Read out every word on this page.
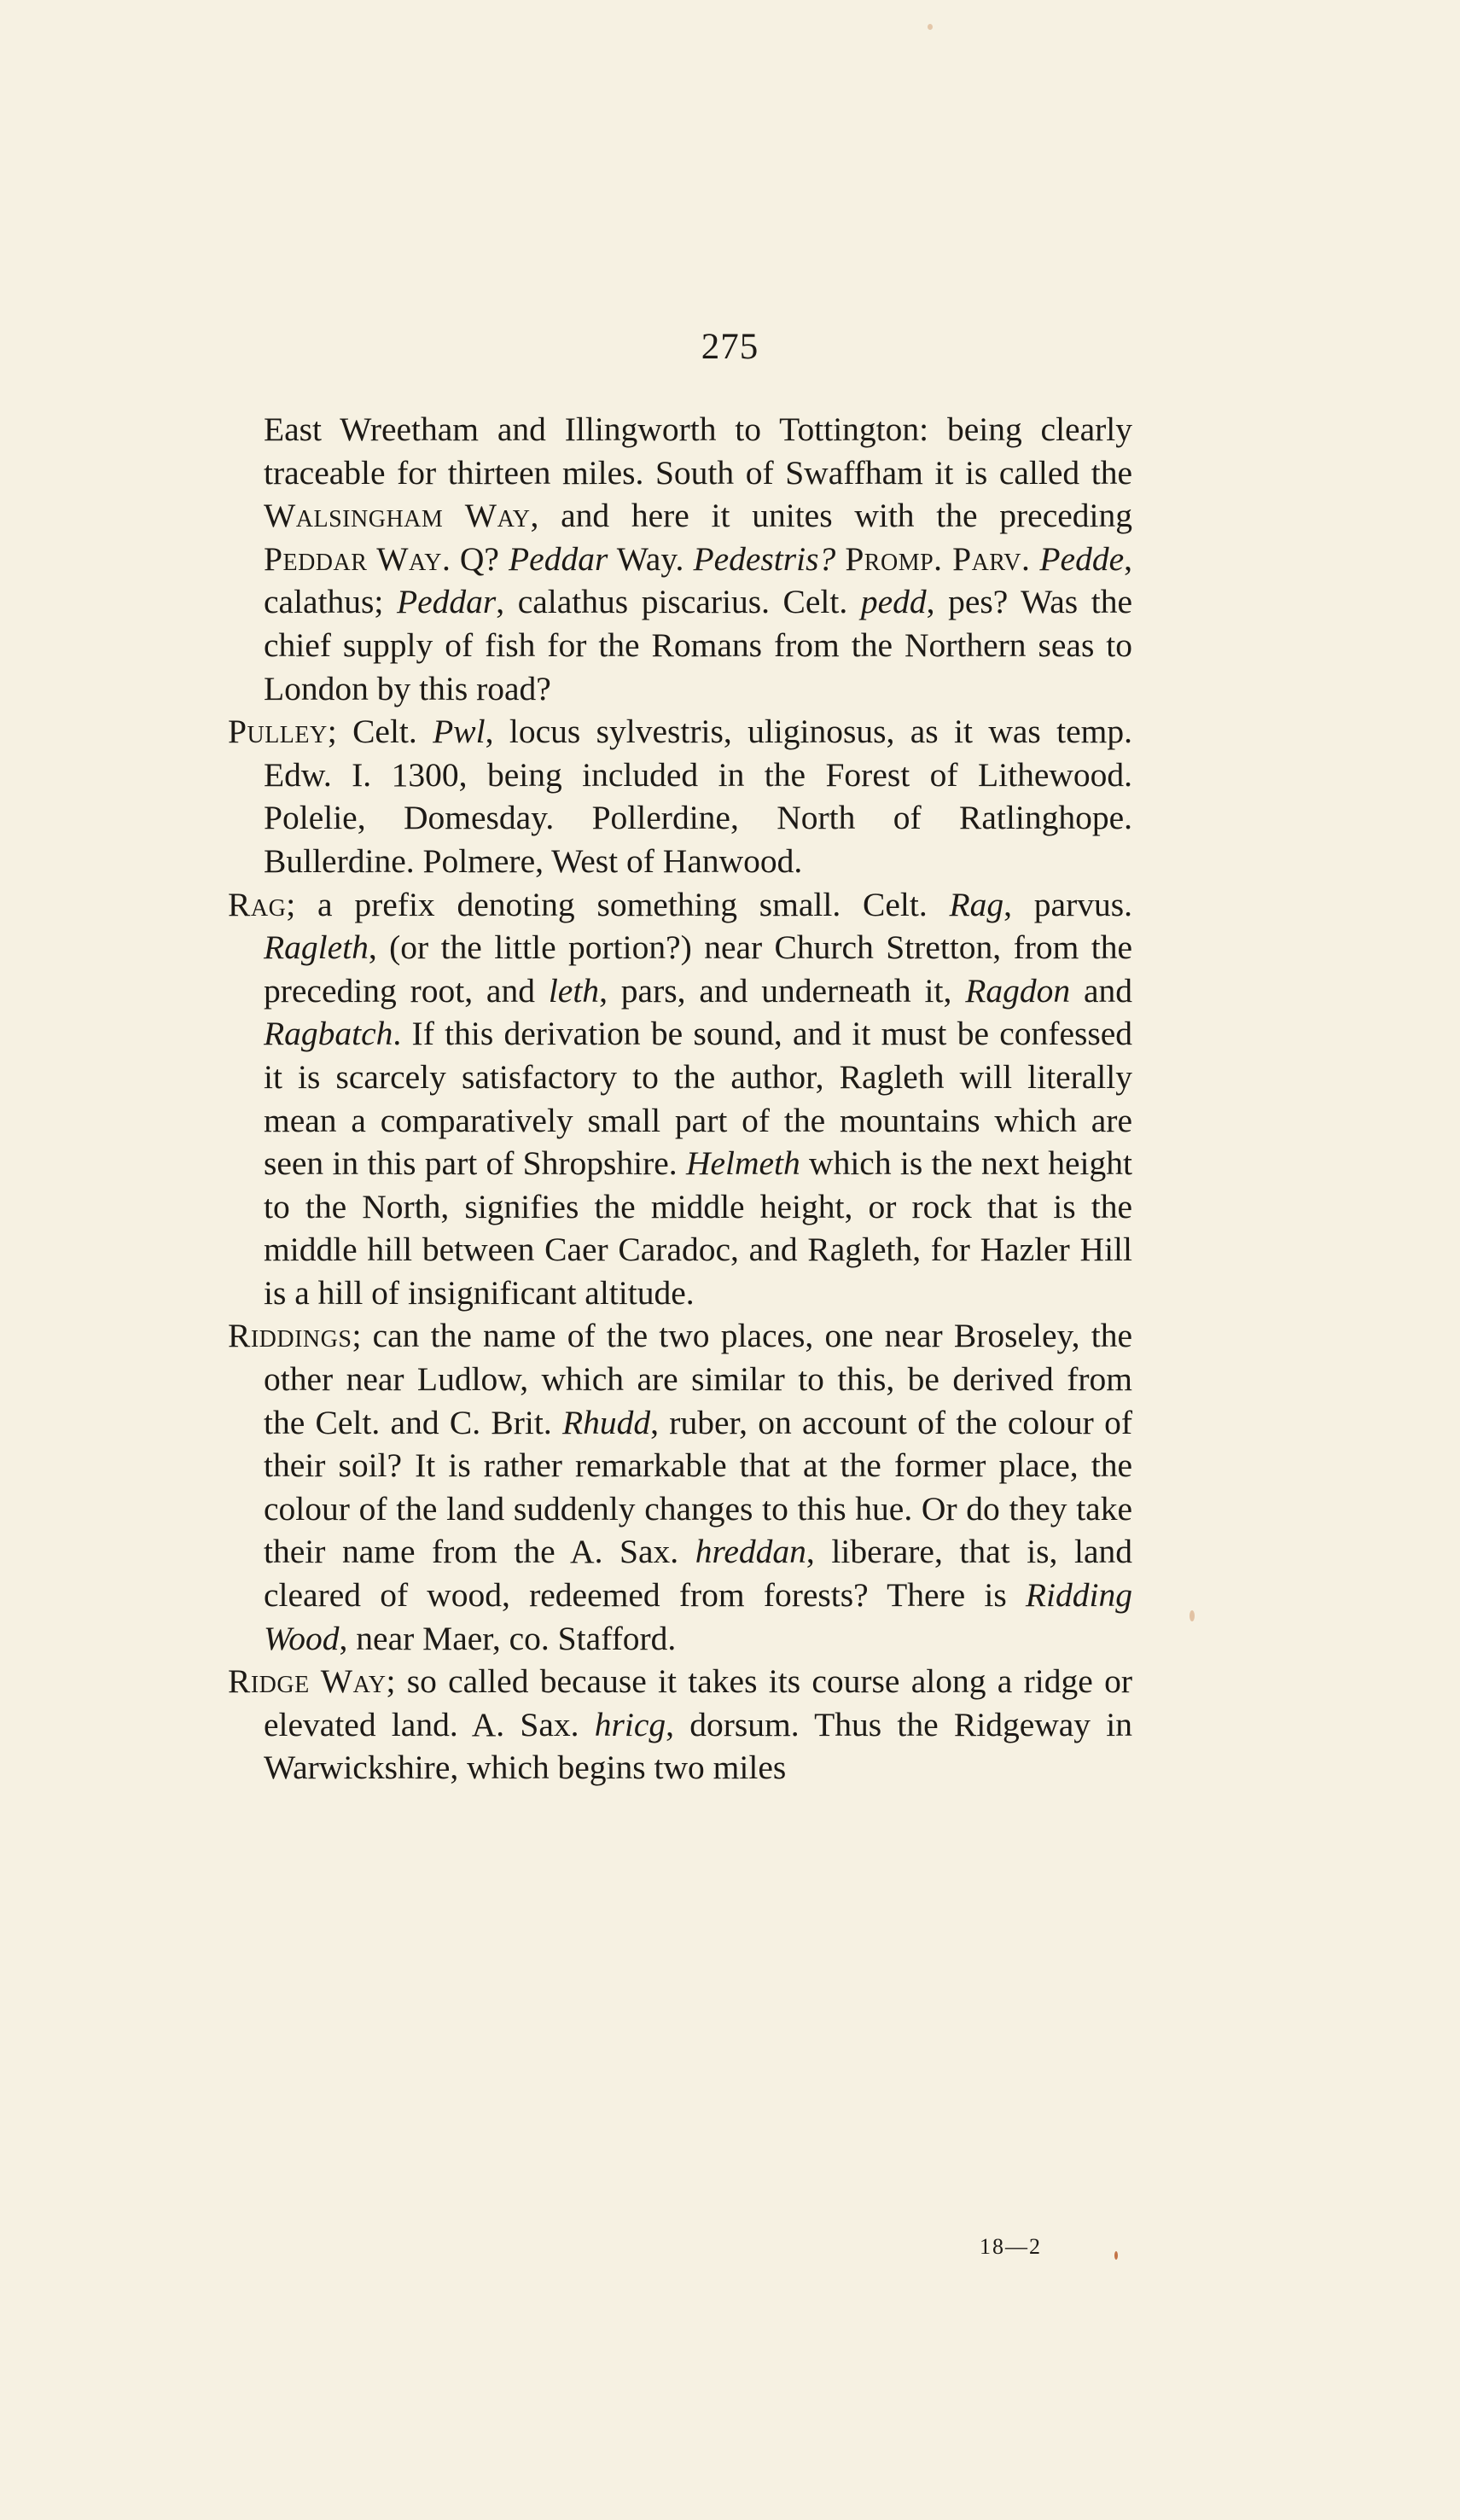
275

East Wreetham and Illingworth to Tottington: being clearly traceable for thirteen miles. South of Swaffham it is called the Walsingham Way, and here it unites with the preceding Peddar Way. Q? Peddar Way. Pedestris? Promp. Parv. Pedde, calathus; Peddar, calathus piscarius. Celt. pedd, pes? Was the chief supply of fish for the Romans from the Northern seas to London by this road?

Pulley; Celt. Pwl, locus sylvestris, uliginosus, as it was temp. Edw. I. 1300, being included in the Forest of Lithewood. Polelie, Domesday. Pollerdine, North of Ratlinghope. Bullerdine. Polmere, West of Hanwood.

Rag; a prefix denoting something small. Celt. Rag, parvus. Ragleth, (or the little portion?) near Church Stretton, from the preceding root, and leth, pars, and underneath it, Ragdon and Ragbatch. If this derivation be sound, and it must be confessed it is scarcely satisfactory to the author, Ragleth will literally mean a comparatively small part of the mountains which are seen in this part of Shropshire. Helmeth which is the next height to the North, signifies the middle height, or rock that is the middle hill between Caer Caradoc, and Ragleth, for Hazler Hill is a hill of insignificant altitude.

Riddings; can the name of the two places, one near Broseley, the other near Ludlow, which are similar to this, be derived from the Celt. and C. Brit. Rhudd, ruber, on account of the colour of their soil? It is rather remarkable that at the former place, the colour of the land suddenly changes to this hue. Or do they take their name from the A. Sax. hreddan, liberare, that is, land cleared of wood, redeemed from forests? There is Ridding Wood, near Maer, co. Stafford.

Ridge Way; so called because it takes its course along a ridge or elevated land. A. Sax. hricg, dorsum. Thus the Ridgeway in Warwickshire, which begins two miles

18—2
